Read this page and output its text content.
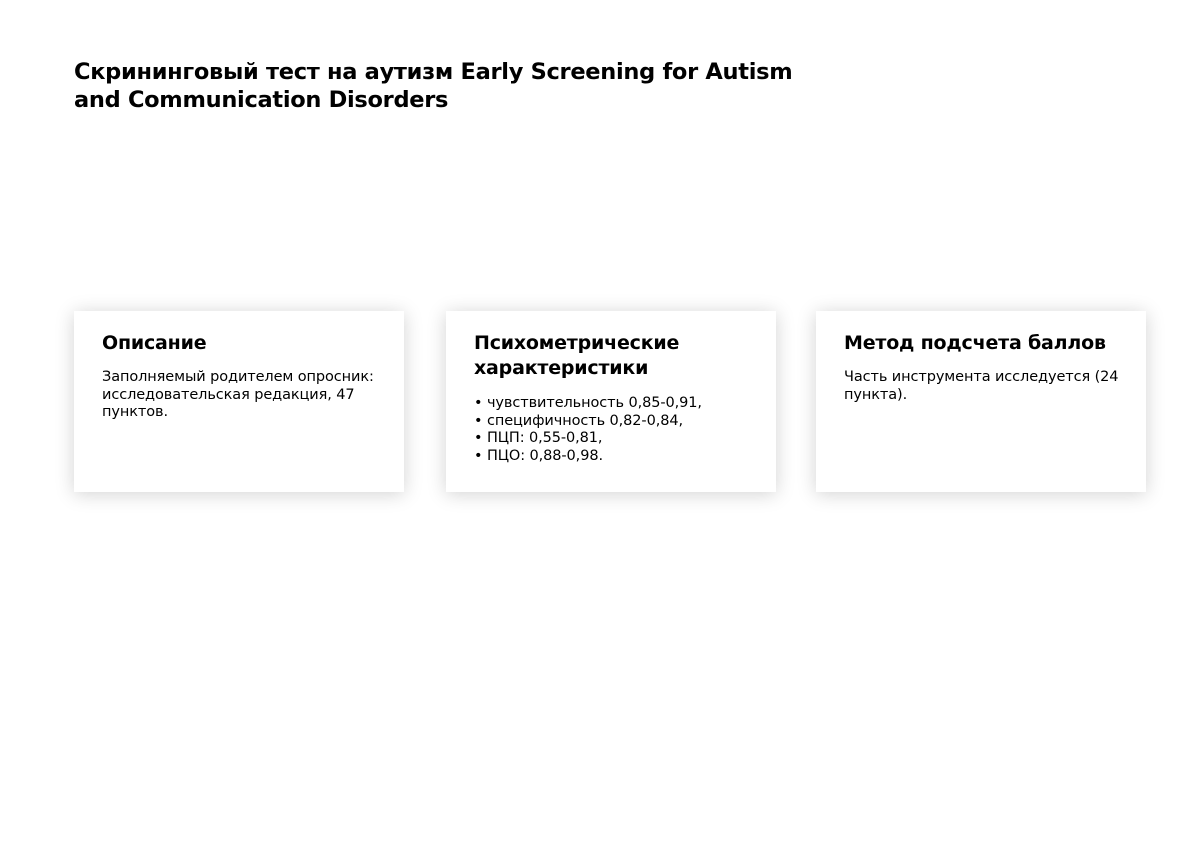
Скрининговый тест на аутизм Early Screening for Autism and Communication Disorders
Описание

Заполняемый родителем опросник: исследовательская редакция, 47 пунктов.

Психометрические характеристики
• чувствительность 0,85-0,91,
• специфичность 0,82-0,84,
• ПЦП: 0,55-0,81,
• ПЦО: 0,88-0,98.
Метод подсчета баллов

Часть инструмента исследуется (24 пункта).
